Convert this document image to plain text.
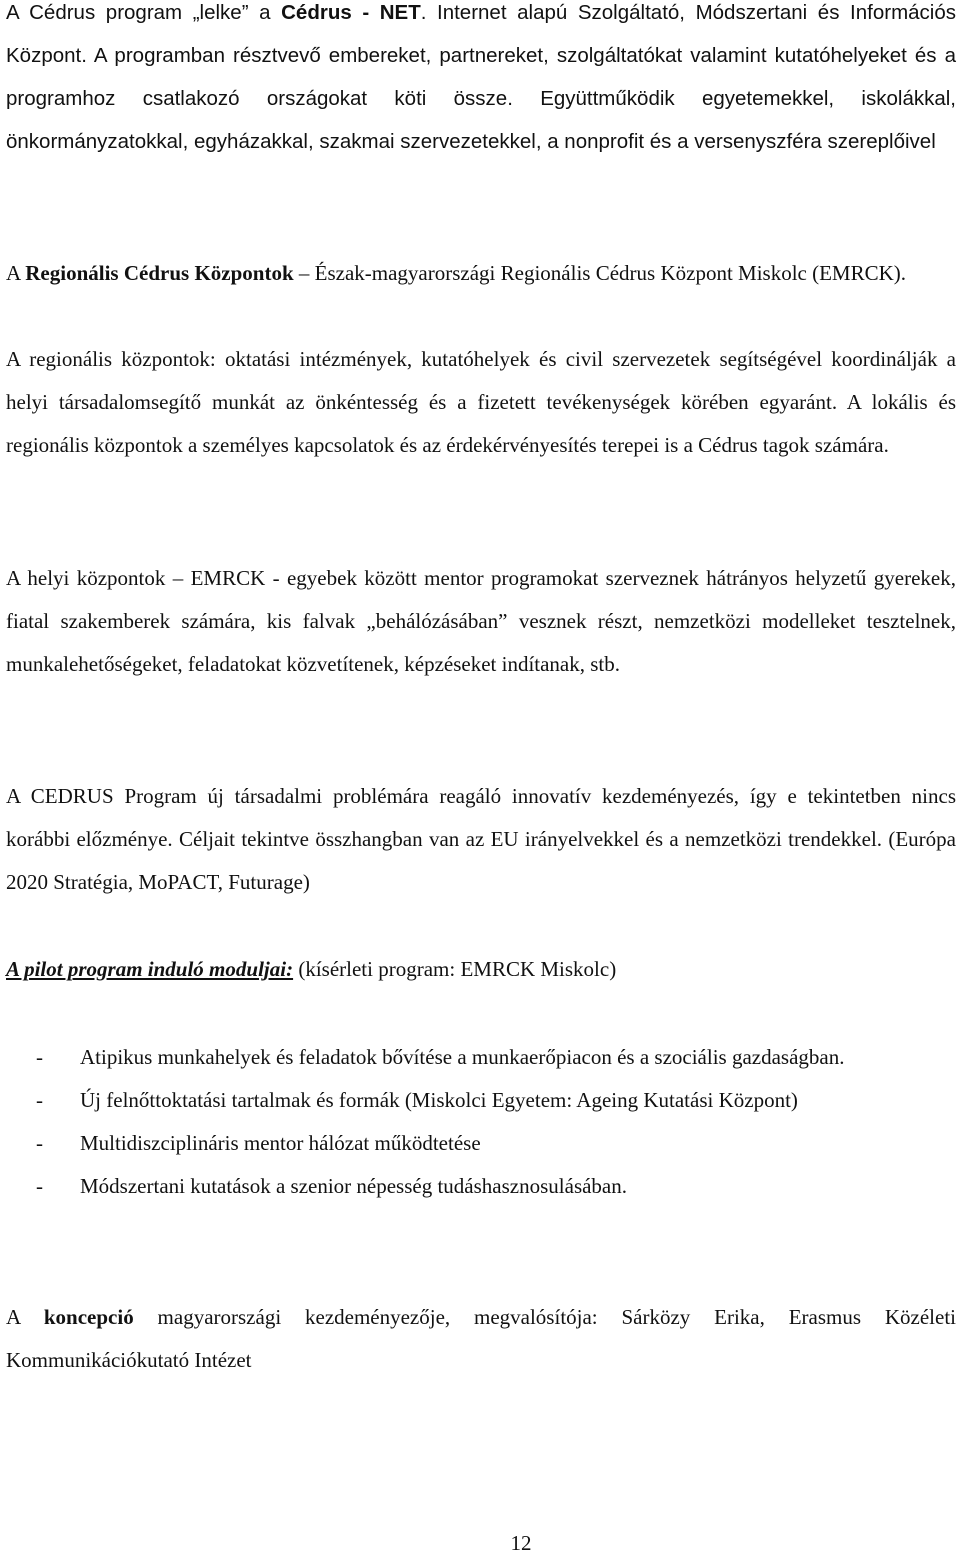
A Cédrus program „lelke” a Cédrus - NET. Internet alapú Szolgáltató, Módszertani és Információs Központ. A programban résztvevő embereket, partnereket, szolgáltatókat valamint kutatóhelyeket és a programhoz csatlakozó országokat köti össze. Együttműködik egyetemekkel, iskolákkal, önkormányzatokkal, egyházakkal, szakmai szervezetekkel, a nonprofit és a versenyszféra szereplőivel

A Regionális Cédrus Központok – Észak-magyarországi Regionális Cédrus Központ Miskolc (EMRCK).

A regionális központok: oktatási intézmények, kutatóhelyek és civil szervezetek segítségével koordinálják a helyi társadalomsegítő munkát az önkéntesség és a fizetett tevékenységek körében egyaránt. A lokális és regionális központok a személyes kapcsolatok és az érdekérvényesítés terepei is a Cédrus tagok számára.

A helyi központok – EMRCK - egyebek között mentor programokat szerveznek hátrányos helyzetű gyerekek, fiatal szakemberek számára, kis falvak „behálózásában” vesznek részt, nemzetközi modelleket tesztelnek, munkalehetőségeket, feladatokat közvetítenek, képzéseket indítanak, stb.

A CEDRUS Program új társadalmi problémára reagáló innovatív kezdeményezés, így e tekintetben nincs korábbi előzménye. Céljait tekintve összhangban van az EU irányelvekkel és a nemzetközi trendekkel. (Európa 2020 Stratégia, MoPACT, Futurage)

A pilot program induló moduljai: (kísérleti program: EMRCK Miskolc)

- Atipikus munkahelyek és feladatok bővítése a munkaerőpiacon és a szociális gazdaságban.
- Új felnőttoktatási tartalmak és formák (Miskolci Egyetem: Ageing Kutatási Központ)
- Multidiszciplináris mentor hálózat működtetése
- Módszertani kutatások a szenior népesség tudáshasznosulásában.

A koncepció magyarországi kezdeményezője, megvalósítója: Sárközy Erika, Erasmus Közéleti Kommunikációkutató Intézet

12
